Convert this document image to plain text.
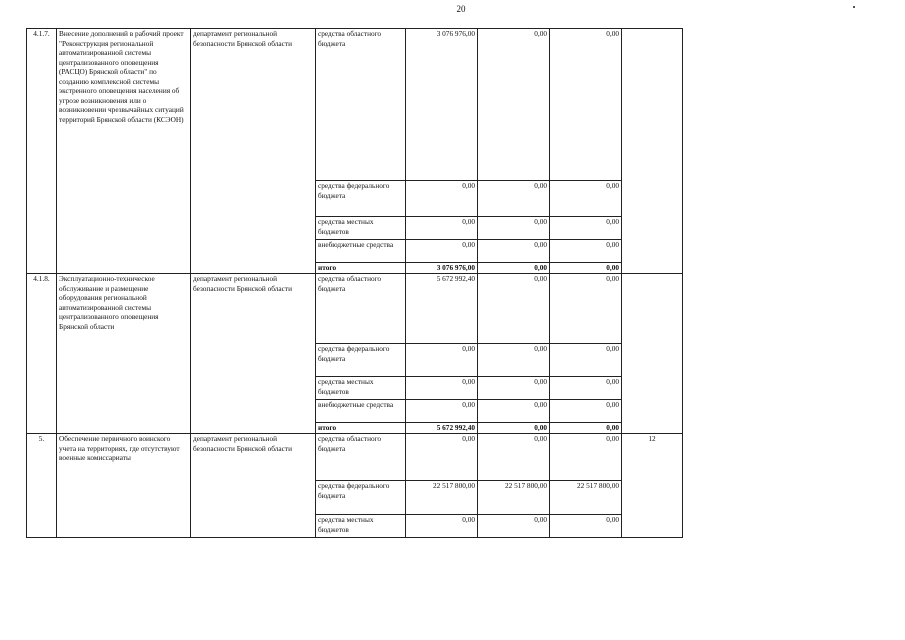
20
4.1.7.	Внесение дополнений в рабочий проект "Реконструкция региональной автоматизированной системы централизованного оповещения (РАСЦО) Брянской области" по созданию комплексной системы экстренного оповещения населения об угрозе возникновения или о возникновении чрезвычайных ситуаций территорий Брянской области (КСЭОН)	департамент региональной безопасности Брянской области	средства областного бюджета	3 076 976,00	0,00	0,00	
			средства федерального бюджета	0,00	0,00	0,00	
			средства местных бюджетов	0,00	0,00	0,00	
			внебюджетные средства	0,00	0,00	0,00	
			итого	3 076 976,00	0,00	0,00	
4.1.8.	Эксплуатационно-техническое обслуживание и размещение оборудования региональной автоматизированной системы централизованного оповещения Брянской области	департамент региональной безопасности Брянской области	средства областного бюджета	5 672 992,40	0,00	0,00	
			средства федерального бюджета	0,00	0,00	0,00	
			средства местных бюджетов	0,00	0,00	0,00	
			внебюджетные средства	0,00	0,00	0,00	
			итого	5 672 992,40	0,00	0,00	
5.	Обеспечение первичного воинского учета на территориях, где отсутствуют военные комиссариаты	департамент региональной безопасности Брянской области	средства областного бюджета	0,00	0,00	0,00	12
			средства федерального бюджета	22 517 800,00	22 517 800,00	22 517 800,00	
			средства местных бюджетов	0,00	0,00	0,00	
